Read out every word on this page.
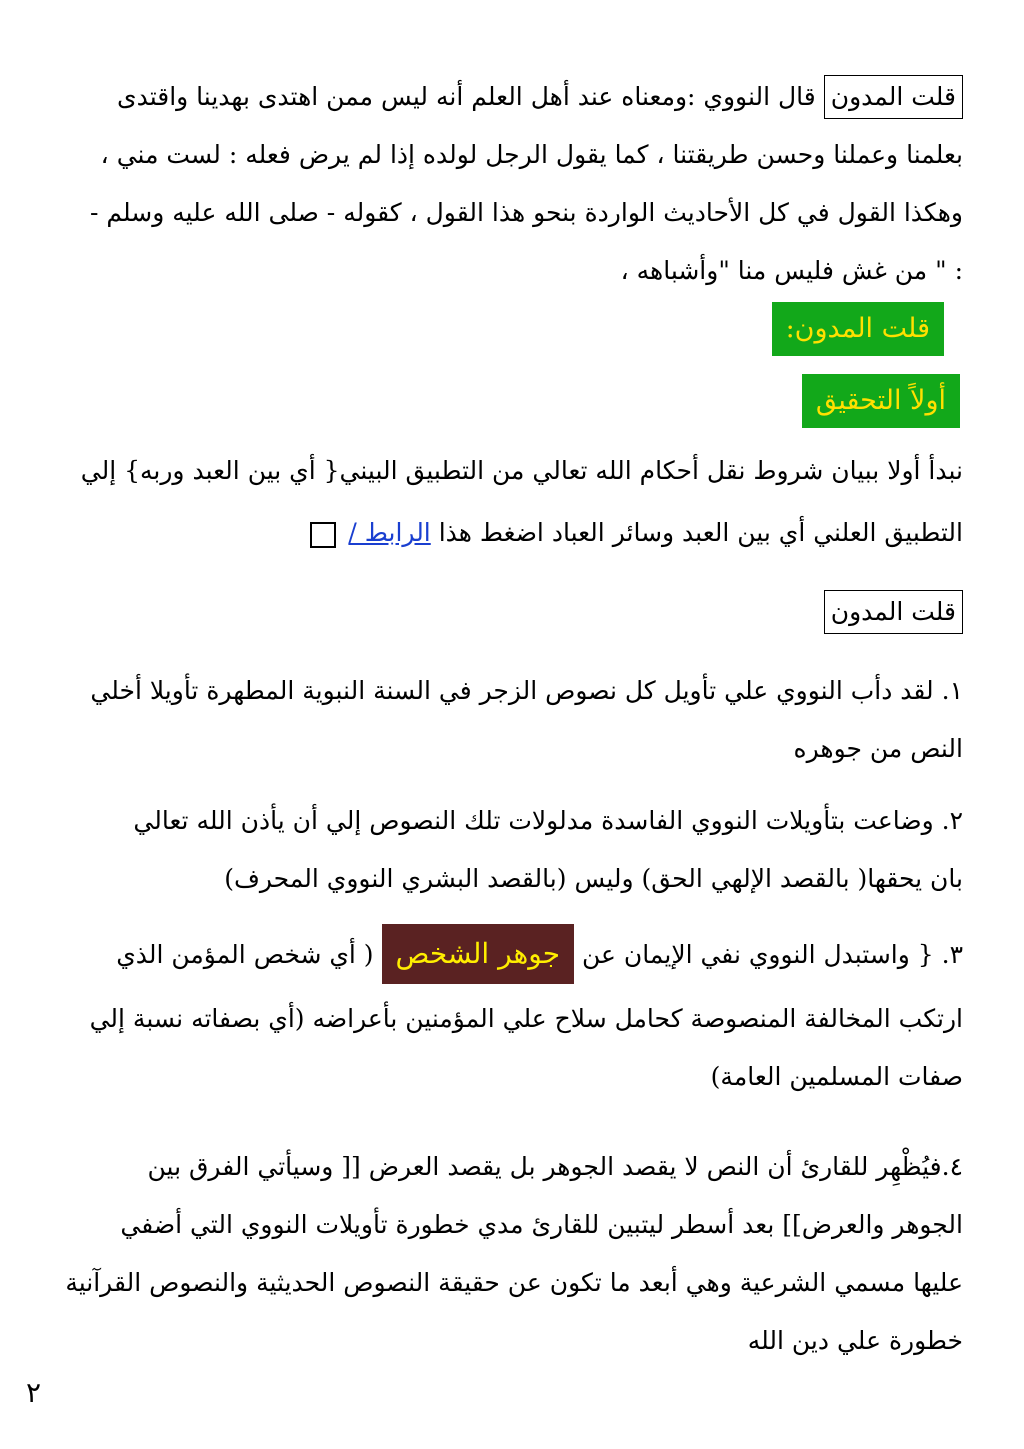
قلت المدون قال النووي :ومعناه عند أهل العلم أنه ليس ممن اهتدى بهدينا واقتدى
بعلمنا وعملنا وحسن طريقتنا ، كما يقول الرجل لولده إذا لم يرض فعله : لست مني ،
وهكذا القول في كل الأحاديث الواردة بنحو هذا القول ، كقوله - صلى الله عليه وسلم -
: " من غش فليس منا "وأشباهه ،
قلت المدون:
أولاً التحقيق
نبدأ أولا ببيان شروط نقل أحكام الله تعالي من التطبيق البيني{ أي بين العبد وربه} إلي
التطبيق العلني أي بين العبد وسائر العباد اضغط هذا الرابط /
قلت المدون
١. لقد دأب النووي علي تأويل كل نصوص الزجر في السنة النبوية المطهرة تأويلا أخلي
النص من جوهره
٢. وضاعت بتأويلات النووي الفاسدة مدلولات تلك النصوص إلي أن يأذن الله تعالي
بان يحقها( بالقصد الإلهي الحق) وليس (بالقصد البشري النووي المحرف)
٣. { واستبدل النووي نفي الإيمان عن جوهر الشخص ( أي شخص المؤمن الذي
ارتكب المخالفة المنصوصة كحامل سلاح علي المؤمنين بأعراضه (أي بصفاته نسبة إلي
صفات المسلمين العامة)
٤.فيُظْهِر للقارئ أن النص لا يقصد الجوهر بل يقصد العرض [[ وسيأتي الفرق بين
الجوهر والعرض]] بعد أسطر ليتبين للقارئ مدي خطورة تأويلات النووي التي أضفي
عليها مسمي الشرعية وهي أبعد ما تكون عن حقيقة النصوص الحديثية والنصوص القرآنية
خطورة علي دين الله
٢
